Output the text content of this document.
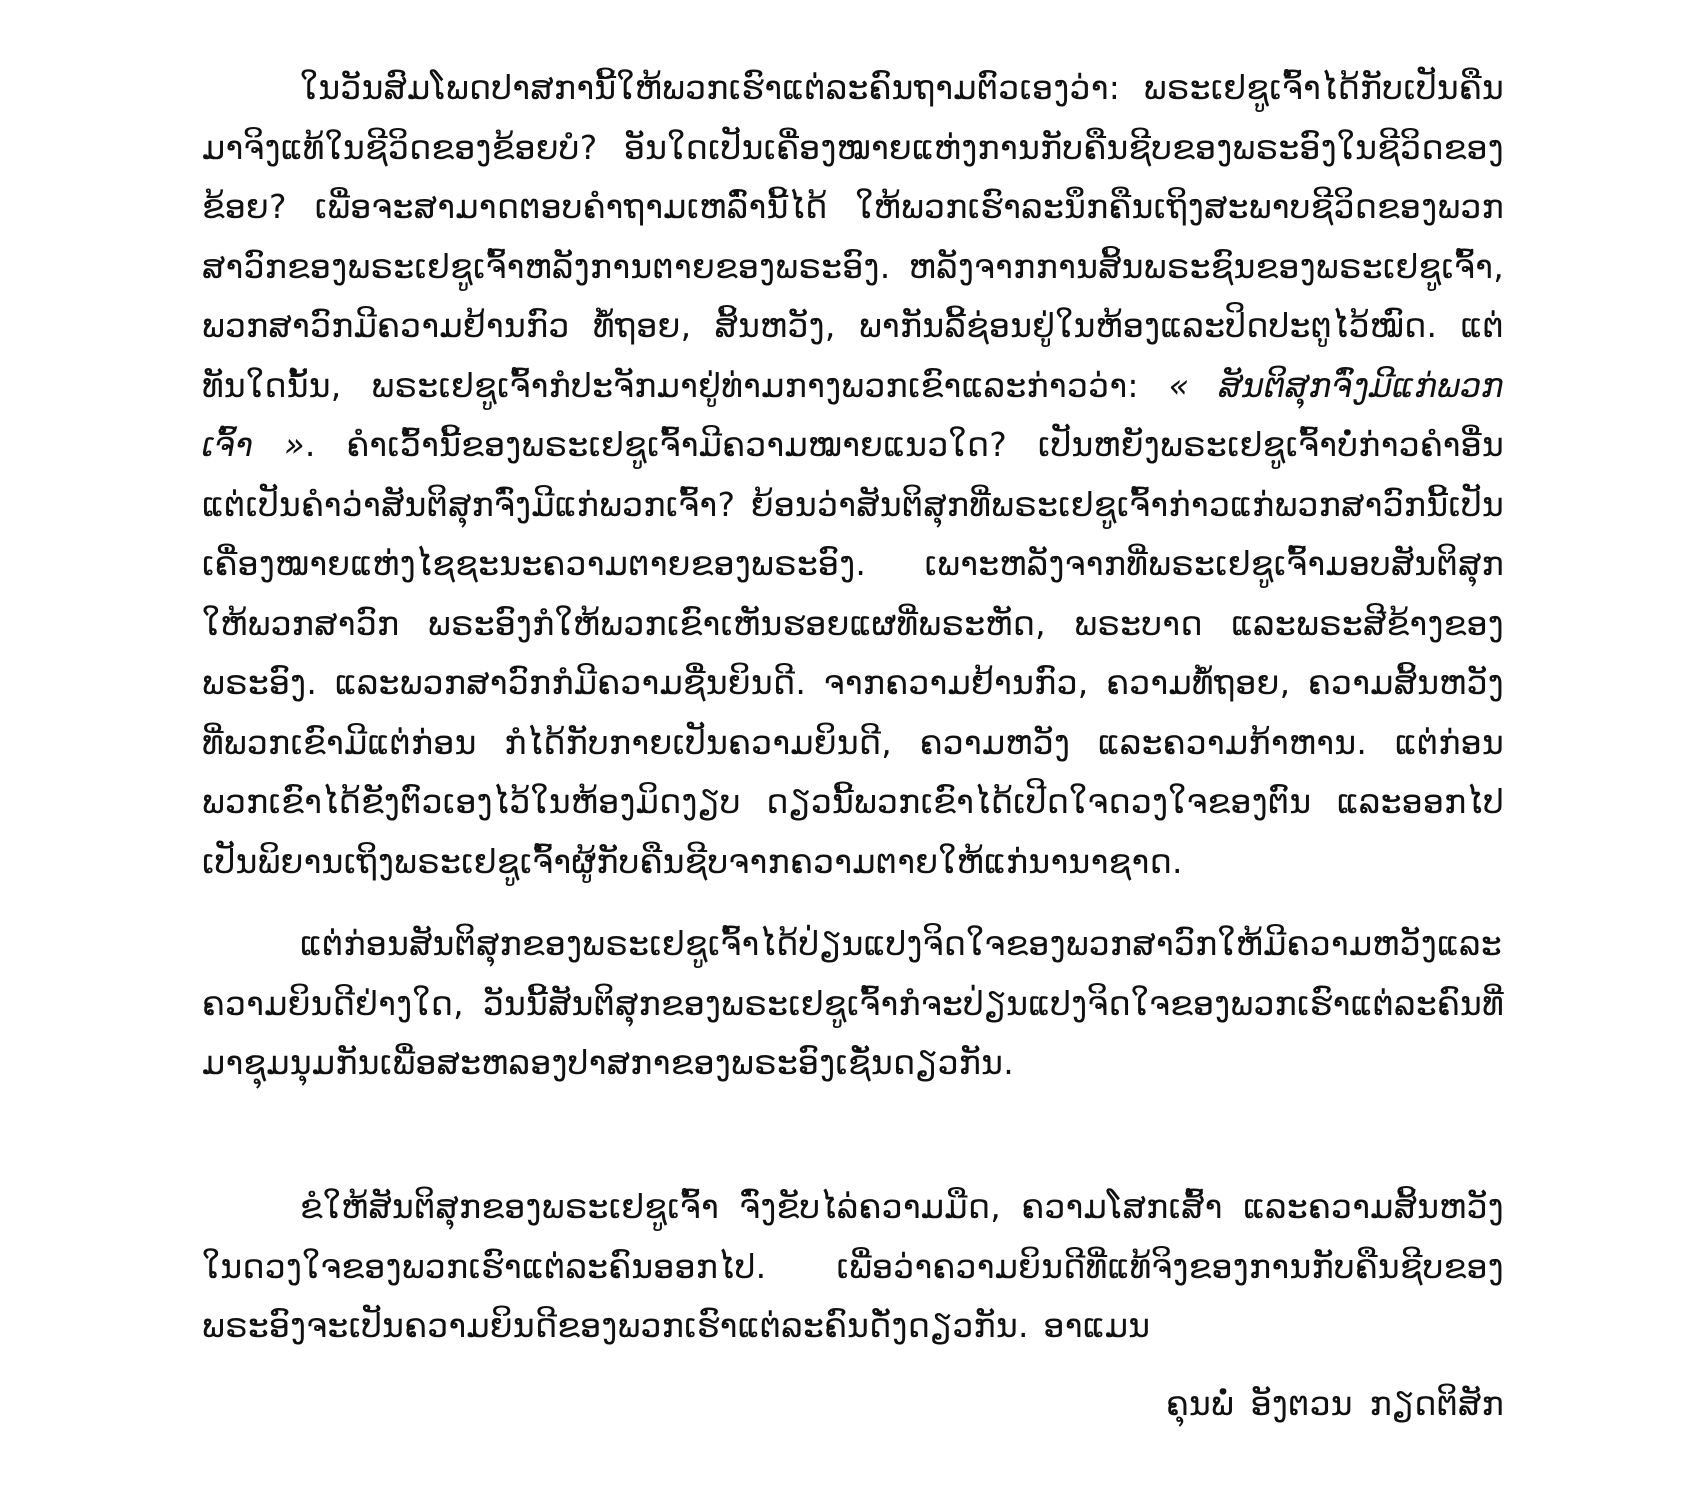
ໃນວັນສົມໂພດປາສການີ້ໃຫ້ພວກເຮົາແຕ່ລະຄົນຖາມຕົວເອງວ່າ: ພຣະເຢຊູເຈົ້າໄດ້ກັບເປັນຄືນມາຈິງແທ້ໃນຊີວິດຂອງຂ້ອຍບໍ? ອັນໃດເປັນເຄື່ອງໝາຍແຫ່ງການກັບຄືນຊີບຂອງພຣະອົງໃນຊີວິດຂອງຂ້ອຍ? ເພື່ອຈະສາມາດຕອບຄຳຖາມເຫລົ່ານີ້ໄດ້ ໃຫ້ພວກເຮົາລະນຶກຄືນເຖິງສະພາບຊີວິດຂອງພວກສາວົກຂອງພຣະເຢຊູເຈົ້າຫລັງການຕາຍຂອງພຣະອົງ. ຫລັງຈາກການສິ້ນພຣະຊົນຂອງພຣະເຢຊູເຈົ້າ, ພວກສາວົກມີຄວາມຢ້ານກົວ ທໍ້ຖອຍ, ສິ້ນຫວັງ, ພາກັນລີ້ຊ່ອນຢູ່ໃນຫ້ອງແລະປິດປະຕູໄວ້ໝົດ. ແຕ່ທັນໃດນັ້ນ, ພຣະເຢຊູເຈົ້າກໍປະຈັກມາຢູ່ທ່າມກາງພວກເຂົາແລະກ່າວວ່າ: « ສັນຕິສຸກຈົ່ງມີແກ່ພວກເຈົ້າ ». ຄຳເວົ້ານີ້ຂອງພຣະເຢຊູເຈົ້າມີຄວາມໝາຍແນວໃດ? ເປັນຫຍັງພຣະເຢຊູເຈົ້າບໍ່ກ່າວຄຳອື່ນ ແຕ່ເປັນຄຳວ່າສັນຕິສຸກຈົ່ງມີແກ່ພວກເຈົ້າ? ຍ້ອນວ່າສັນຕິສຸກທີ່ພຣະເຢຊູເຈົ້າກ່າວແກ່ພວກສາວົກນີ້ເປັນເຄື່ອງໝາຍແຫ່ງໄຊຊະນະຄວາມຕາຍຂອງພຣະອົງ. ເພາະຫລັງຈາກທີ່ພຣະເຢຊູເຈົ້າມອບສັນຕິສຸກໃຫ້ພວກສາວົກ ພຣະອົງກໍໃຫ້ພວກເຂົາເຫັນຮອຍແຜທີ່ພຣະຫັດ, ພຣະບາດ ແລະພຣະສີຂ້າງຂອງພຣະອົງ. ແລະພວກສາວົກກໍມີຄວາມຊື່ນຍິນດີ. ຈາກຄວາມຢ້ານກົວ, ຄວາມທໍ້ຖອຍ, ຄວາມສິ້ນຫວັງທີ່ພວກເຂົາມີແຕ່ກ່ອນ ກໍໄດ້ກັບກາຍເປັນຄວາມຍິນດີ, ຄວາມຫວັງ ແລະຄວາມກ້າຫານ. ແຕ່ກ່ອນພວກເຂົາໄດ້ຂັງຕົວເອງໄວ້ໃນຫ້ອງມິດງຽບ ດຽວນີ້ພວກເຂົາໄດ້ເປີດໃຈດວງໃຈຂອງຕົນ ແລະອອກໄປເປັນພິຍານເຖິງພຣະເຢຊູເຈົ້າຜູ້ກັບຄືນຊີບຈາກຄວາມຕາຍໃຫ້ແກ່ນານາຊາດ.

ແຕ່ກ່ອນສັນຕິສຸກຂອງພຣະເຢຊູເຈົ້າໄດ້ປ່ຽນແປງຈິດໃຈຂອງພວກສາວົກໃຫ້ມີຄວາມຫວັງແລະຄວາມຍິນດີຢ່າງໃດ, ວັນນີ້ສັນຕິສຸກຂອງພຣະເຢຊູເຈົ້າກໍຈະປ່ຽນແປງຈິດໃຈຂອງພວກເຮົາແຕ່ລະຄົນທີ່ມາຊຸມນຸມກັນເພື່ອສະຫລອງປາສກາຂອງພຣະອົງເຊັ່ນດຽວກັນ.

ຂໍໃຫ້ສັນຕິສຸກຂອງພຣະເຢຊູເຈົ້າ ຈົ່ງຂັບໄລ່ຄວາມມືດ, ຄວາມໂສກເສົ້າ ແລະຄວາມສິ້ນຫວັງໃນດວງໃຈຂອງພວກເຮົາແຕ່ລະຄົນອອກໄປ. ເພື່ອວ່າຄວາມຍິນດີທີ່ແທ້ຈິງຂອງການກັບຄືນຊີບຂອງພຣະອົງຈະເປັນຄວາມຍິນດີຂອງພວກເຮົາແຕ່ລະຄົນດັ່ງດຽວກັນ. ອາແມນ

ຄຸນພໍ່ ອັງຕວນ ກຽດຕິສັກ
